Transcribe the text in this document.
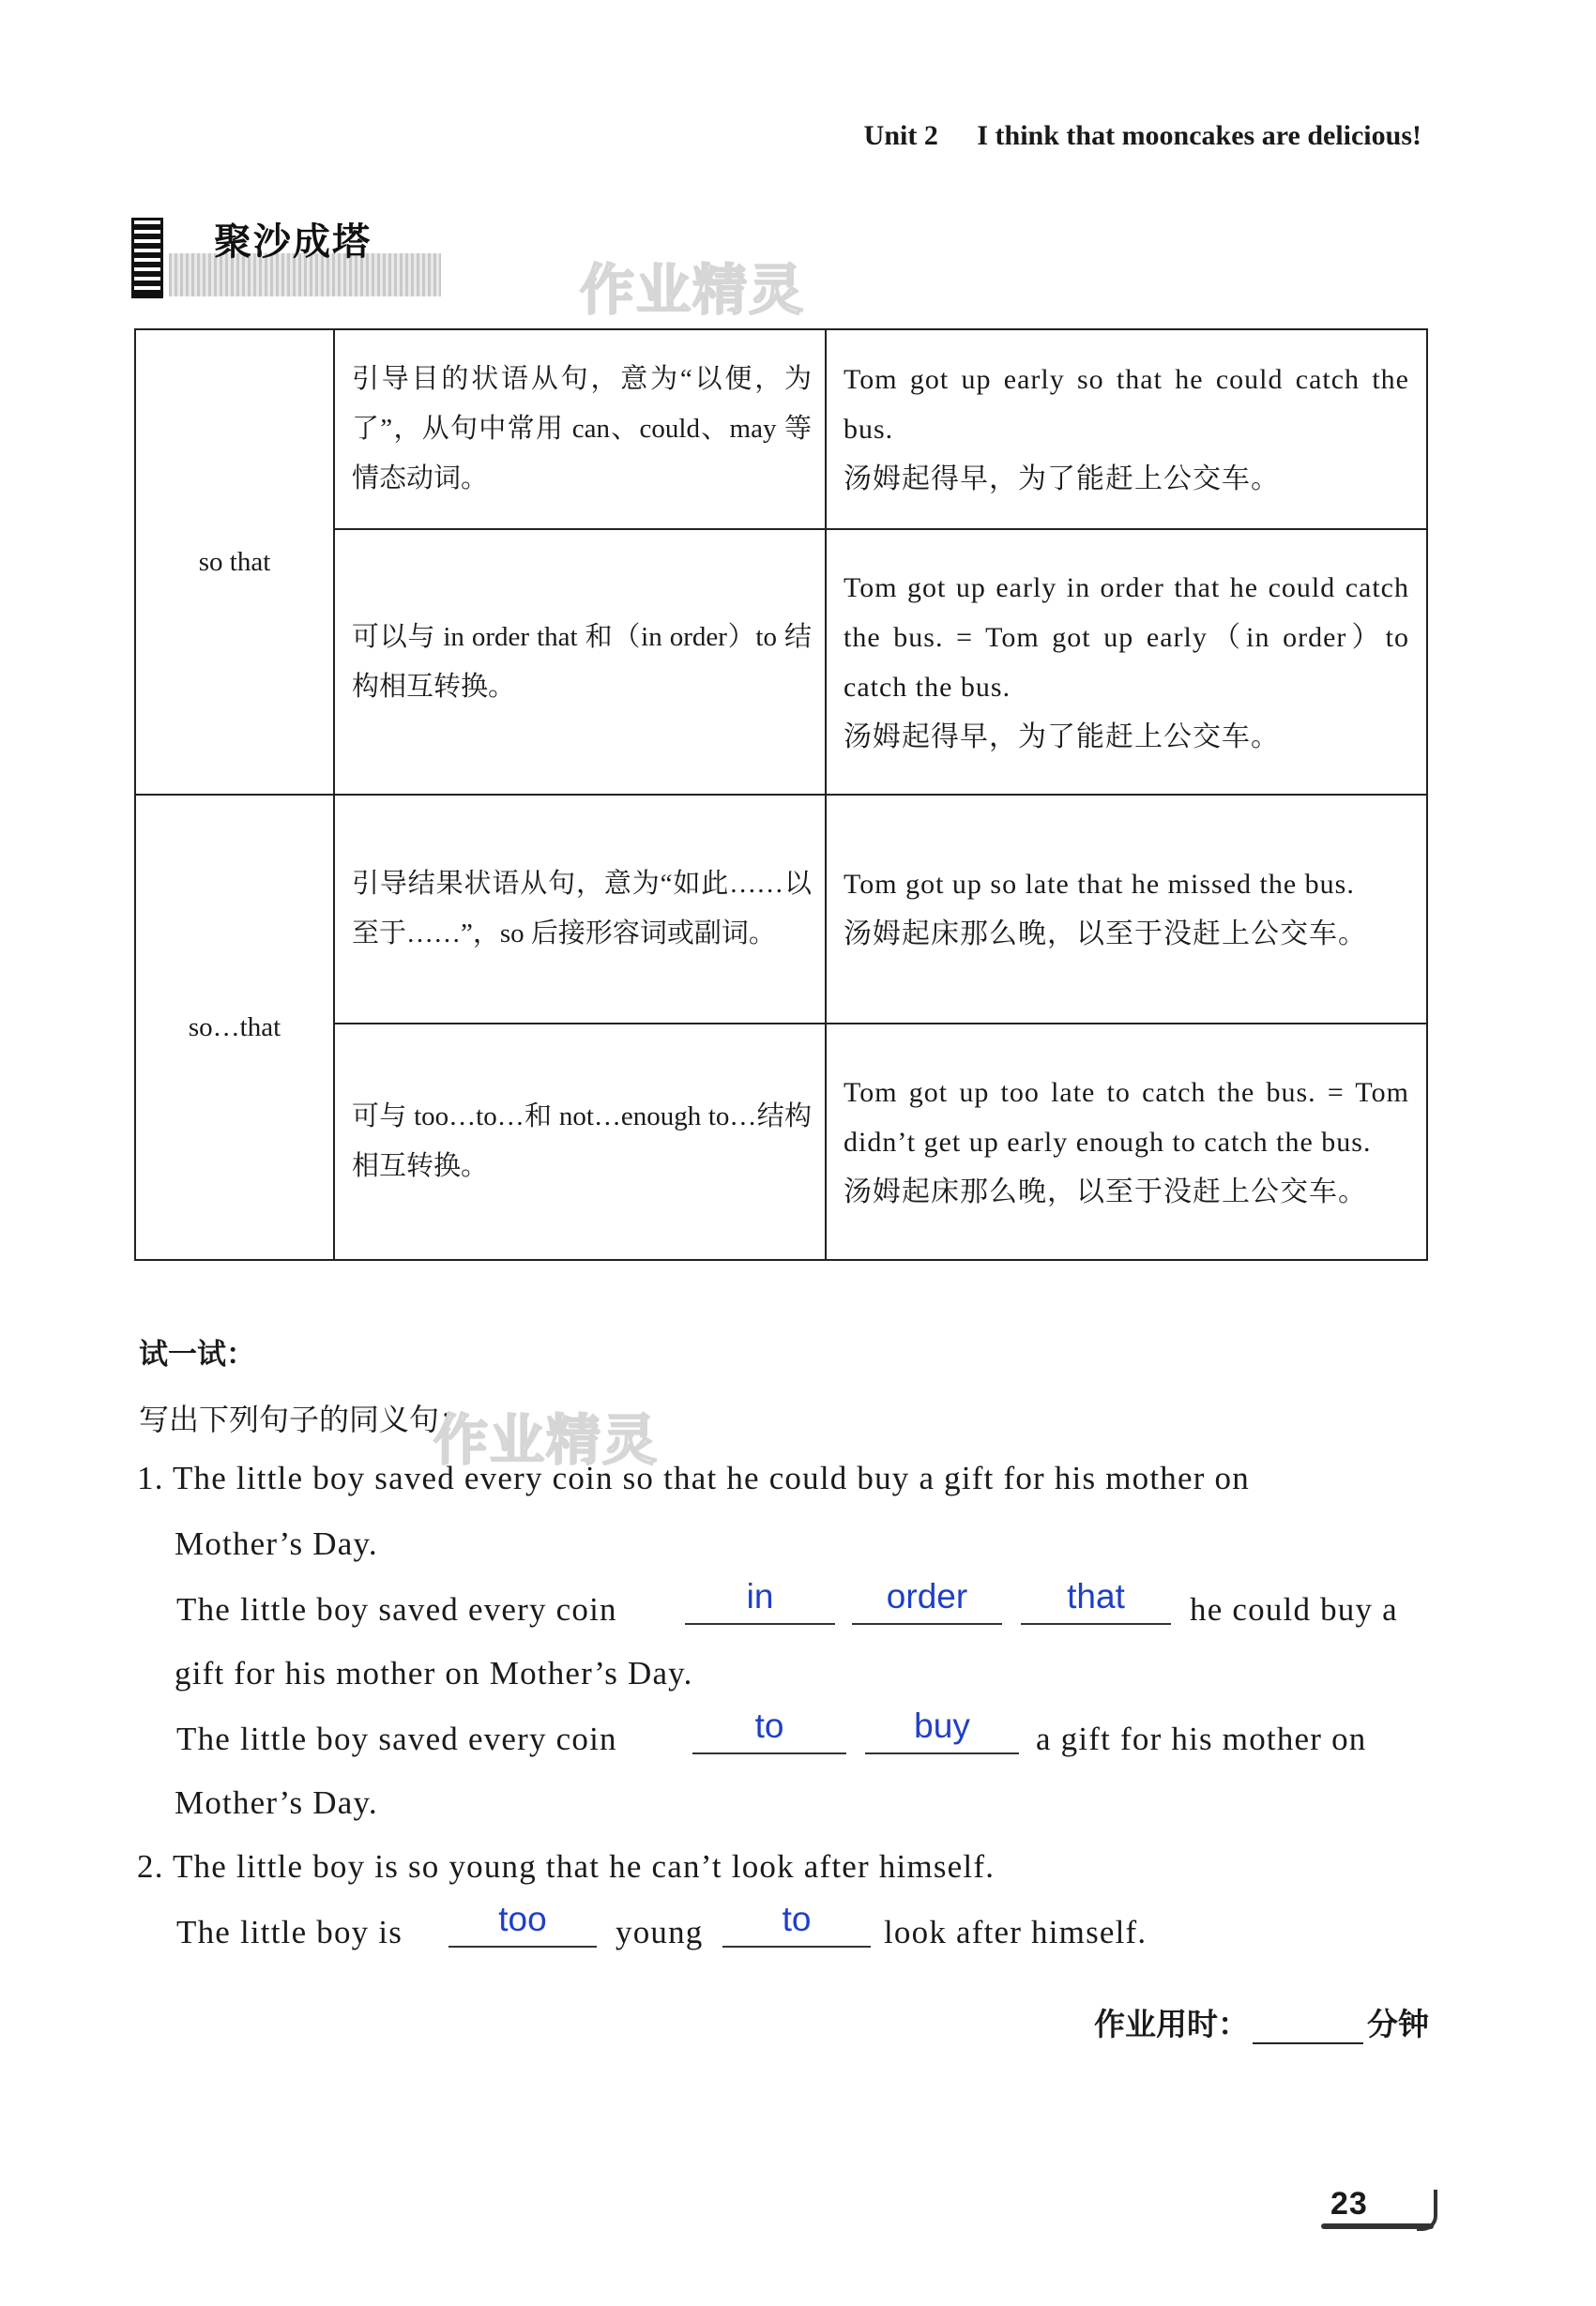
Unit 2 I think that mooncakes are delicious!
聚沙成塔
作业精灵
so that	引导目的状语从句，意为“以便，为了”，从句中常用 can、could、may 等情态动词。	Tom got up early so that he could catch the bus.

汤姆起得早，为了能赶上公交车。

	可以与 in order that 和（in order）to 结构相互转换。	Tom got up early in order that he could catch the bus. = Tom got up early（in order）to catch the bus.

汤姆起得早，为了能赶上公交车。

so…that	引导结果状语从句，意为“如此……以至于……”，so 后接形容词或副词。	Tom got up so late that he missed the bus.

汤姆起床那么晚，以至于没赶上公交车。

	可与 too…to…和 not…enough to…结构相互转换。	Tom got up too late to catch the bus. = Tom didn’t get up early enough to catch the bus.

汤姆起床那么晚，以至于没赶上公交车。

试一试：
写出下列句子的同义句：
作业精灵
1. The little boy saved every coin so that he could buy a gift for his mother on
Mother’s Day.
The little boy saved every coin	in	order	that	he could buy a
gift for his mother on Mother’s Day.
The little boy saved every coin	to	buy	a gift for his mother on
Mother’s Day.
2. The little boy is so young that he can’t look after himself.
The little boy is	too	young	to	look after himself.
作业用时：	分钟
23
